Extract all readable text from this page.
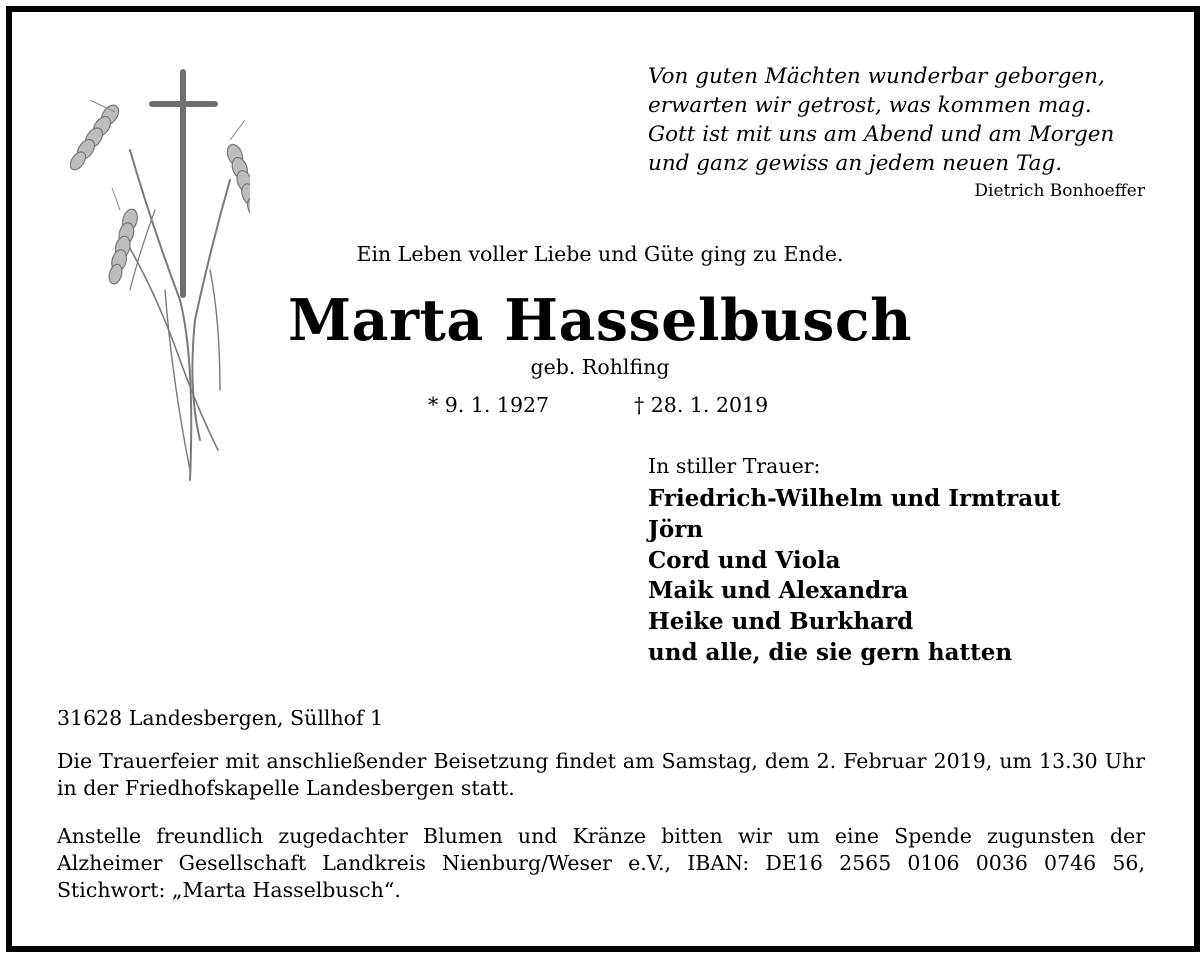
Von guten Mächten wunderbar geborgen,
erwarten wir getrost, was kommen mag.
Gott ist mit uns am Abend und am Morgen
und ganz gewiss an jedem neuen Tag.
Dietrich Bonhoeffer
Ein Leben voller Liebe und Güte ging zu Ende.
Marta Hasselbusch
geb. Rohlfing
* 9. 1. 1927	† 28. 1. 2019
In stiller Trauer:
Friedrich-Wilhelm und Irmtraut
Jörn
Cord und Viola
Maik und Alexandra
Heike und Burkhard
und alle, die sie gern hatten
31628 Landesbergen, Süllhof 1
Die Trauerfeier mit anschließender Beisetzung findet am Samstag, dem 2. Februar 2019, um 13.30 Uhr in der Friedhofskapelle Landesbergen statt.
Anstelle freundlich zugedachter Blumen und Kränze bitten wir um eine Spende zugunsten der Alzheimer Gesellschaft Landkreis Nienburg/Weser e.V., IBAN: DE16 2565 0106 0036 0746 56, Stichwort: „Marta Hasselbusch“.
